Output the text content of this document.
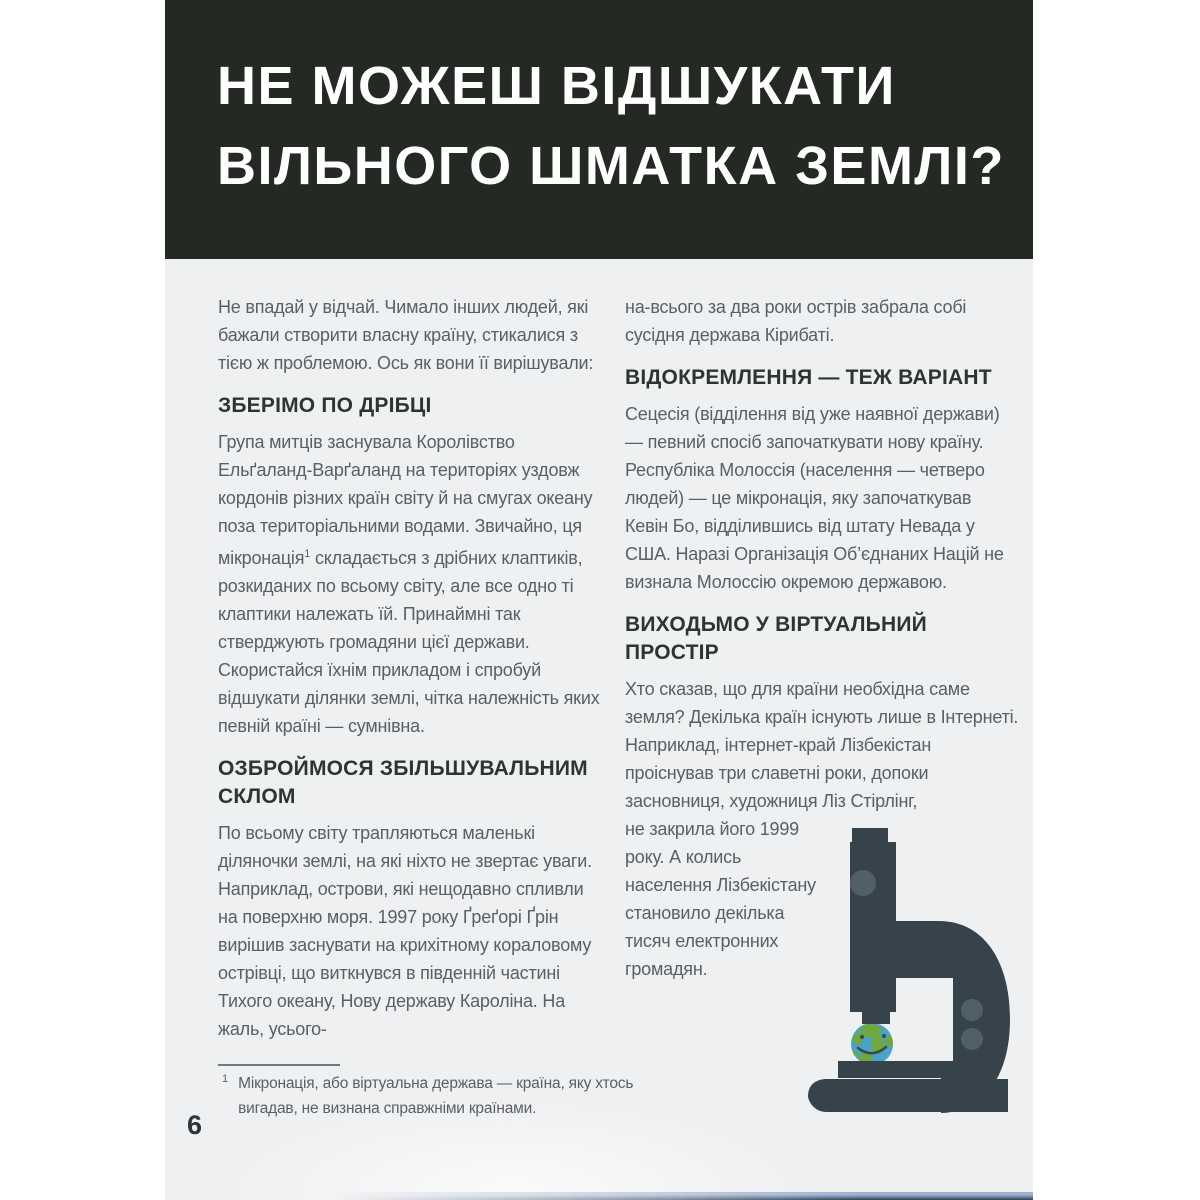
НЕ МОЖЕШ ВІДШУКАТИ
ВІЛЬНОГО ШМАТКА ЗЕМЛІ?

Не впадай у відчай. Чимало інших людей, які бажали створити власну країну, стикалися з тією ж проблемою. Ось як вони її вирішували:

ЗБЕРІМО ПО ДРІБЦІ

Група митців заснувала Королівство Ельґаланд-Варґаланд на територіях уздовж кордонів різних країн світу й на смугах океану поза територіальними водами. Звичайно, ця мікронація$^1$ складається з дрібних клаптиків, розкиданих по всьому світу, але все одно ті клаптики належать їй. Принаймні так стверджують громадяни цієї держави. Скористайся їхнім прикладом і спробуй відшукати ділянки землі, чітка належність яких певній країні — сумнівна.

ОЗБРОЙМОСЯ ЗБІЛЬШУВАЛЬНИМ СКЛОМ

По всьому світу трапляються маленькі діляночки землі, на які ніхто не звертає уваги. Наприклад, острови, які нещодавно спливли на поверхню моря. 1997 року Ґреґорі Ґрін вирішив заснувати на крихітному кораловому острівці, що виткнувся в південній частині Тихого океану, Нову державу Кароліна. На жаль, усього-

на-всього за два роки острів забрала собі сусідня держава Кірибаті.

ВІДОКРЕМЛЕННЯ — ТЕЖ ВАРІАНТ

Сецесія (відділення від уже наявної держави) — певний спосіб започаткувати нову країну. Республіка Молоссія (населення — четверо людей) — це мікронація, яку започаткував Кевін Бо, відділившись від штату Невада у США. Наразі Організація Об’єднаних Націй не визнала Молоссію окремою державою.

ВИХОДЬМО У ВІРТУАЛЬНИЙ ПРОСТІР

Хто сказав, що для країни необхідна саме земля? Декілька країн існують лише в Інтернеті. Наприклад, інтернет-край Лізбекістан проіснував три славетні роки, допоки засновниця, художниця Ліз Стірлінг,
не закрила його 1999 року. А колись населення Лізбекістану становило декілька тисяч електронних громадян.

1 Мікронація, або віртуальна держава — країна, яку хтось вигадав, не визнана справжніми країнами.
6
